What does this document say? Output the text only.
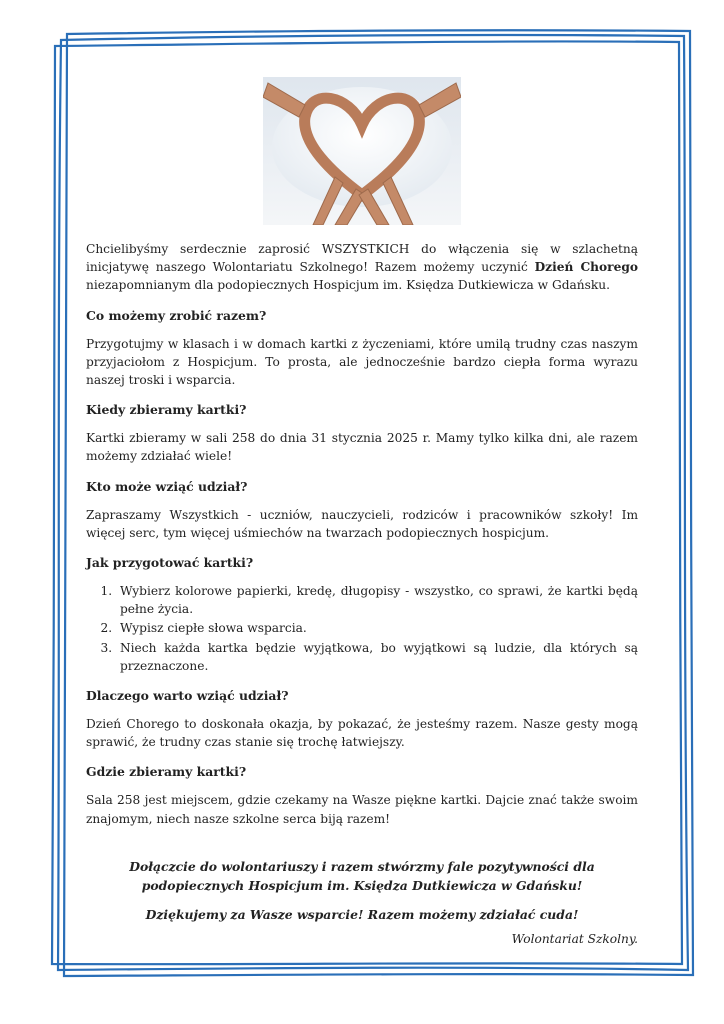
Chcielibyśmy serdecznie zaprosić WSZYSTKICH do włączenia się w szlachetną inicjatywę naszego Wolontariatu Szkolnego! Razem możemy uczynić Dzień Chorego niezapomnianym dla podopiecznych Hospicjum im. Księdza Dutkiewicza w Gdańsku.

Co możemy zrobić razem?

Przygotujmy w klasach i w domach kartki z życzeniami, które umilą trudny czas naszym przyjaciołom z Hospicjum. To prosta, ale jednocześnie bardzo ciepła forma wyrazu naszej troski i wsparcia.

Kiedy zbieramy kartki?

Kartki zbieramy w sali 258 do dnia 31 stycznia 2025 r. Mamy tylko kilka dni, ale razem możemy zdziałać wiele!

Kto może wziąć udział?

Zapraszamy Wszystkich - uczniów, nauczycieli, rodziców i pracowników szkoły! Im więcej serc, tym więcej uśmiechów na twarzach podopiecznych hospicjum.

Jak przygotować kartki?
1. Wybierz kolorowe papierki, kredę, długopisy - wszystko, co sprawi, że kartki będą pełne życia.
2. Wypisz ciepłe słowa wsparcia.
3. Niech każda kartka będzie wyjątkowa, bo wyjątkowi są ludzie, dla których są przeznaczone.
Dlaczego warto wziąć udział?

Dzień Chorego to doskonała okazja, by pokazać, że jesteśmy razem. Nasze gesty mogą sprawić, że trudny czas stanie się trochę łatwiejszy.

Gdzie zbieramy kartki?

Sala 258 jest miejscem, gdzie czekamy na Wasze piękne kartki. Dajcie znać także swoim znajomym, niech nasze szkolne serca biją razem!

Dołączcie do wolontariuszy i razem stwórzmy fale pozytywności dla podopiecznych Hospicjum im. Księdza Dutkiewicza w Gdańsku!

Dziękujemy za Wasze wsparcie! Razem możemy zdziałać cuda!

Wolontariat Szkolny.
